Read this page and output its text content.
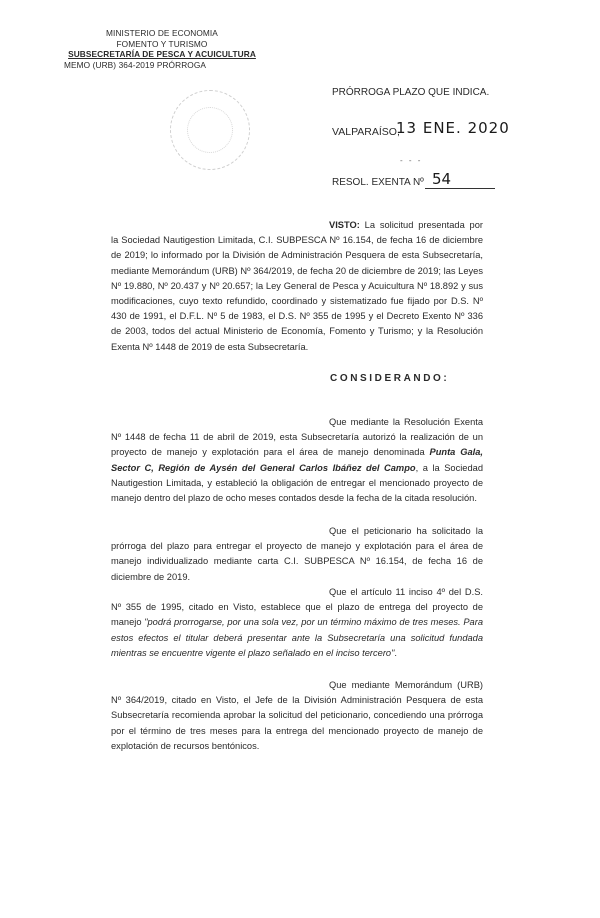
MINISTERIO DE ECONOMIA
FOMENTO Y TURISMO
SUBSECRETARÍA DE PESCA Y ACUICULTURA
MEMO (URB) 364-2019 PRÓRROGA
PRÓRROGA PLAZO QUE INDICA.
VALPARAÍSO,
13 ENE. 2020
RESOL. EXENTA Nº
- - -
54

VISTO: La solicitud presentada por la Sociedad Nautigestion Limitada, C.I. SUBPESCA Nº 16.154, de fecha 16 de diciembre de 2019; lo informado por la División de Administración Pesquera de esta Subsecretaría, mediante Memorándum (URB) Nº 364/2019, de fecha 20 de diciembre de 2019; las Leyes Nº 19.880, Nº 20.437 y Nº 20.657; la Ley General de Pesca y Acuicultura Nº 18.892 y sus modificaciones, cuyo texto refundido, coordinado y sistematizado fue fijado por D.S. Nº 430 de 1991, el D.F.L. Nº 5 de 1983, el D.S. Nº 355 de 1995 y el Decreto Exento Nº 336 de 2003, todos del actual Ministerio de Economía, Fomento y Turismo; y la Resolución Exenta Nº 1448 de 2019 de esta Subsecretaría.

CONSIDERANDO:

Que mediante la Resolución Exenta Nº 1448 de fecha 11 de abril de 2019, esta Subsecretaría autorizó la realización de un proyecto de manejo y explotación para el área de manejo denominada Punta Gala, Sector C, Región de Aysén del General Carlos Ibáñez del Campo, a la Sociedad Nautigestion Limitada, y estableció la obligación de entregar el mencionado proyecto de manejo dentro del plazo de ocho meses contados desde la fecha de la citada resolución.

Que el peticionario ha solicitado la prórroga del plazo para entregar el proyecto de manejo y explotación para el área de manejo individualizado mediante carta C.I. SUBPESCA Nº 16.154, de fecha 16 de diciembre de 2019.

Que el artículo 11 inciso 4º del D.S. Nº 355 de 1995, citado en Visto, establece que el plazo de entrega del proyecto de manejo "podrá prorrogarse, por una sola vez, por un término máximo de tres meses. Para estos efectos el titular deberá presentar ante la Subsecretaría una solicitud fundada mientras se encuentre vigente el plazo señalado en el inciso tercero".

Que mediante Memorándum (URB) Nº 364/2019, citado en Visto, el Jefe de la División Administración Pesquera de esta Subsecretaría recomienda aprobar la solicitud del peticionario, concediendo una prórroga por el término de tres meses para la entrega del mencionado proyecto de manejo de explotación de recursos bentónicos.
